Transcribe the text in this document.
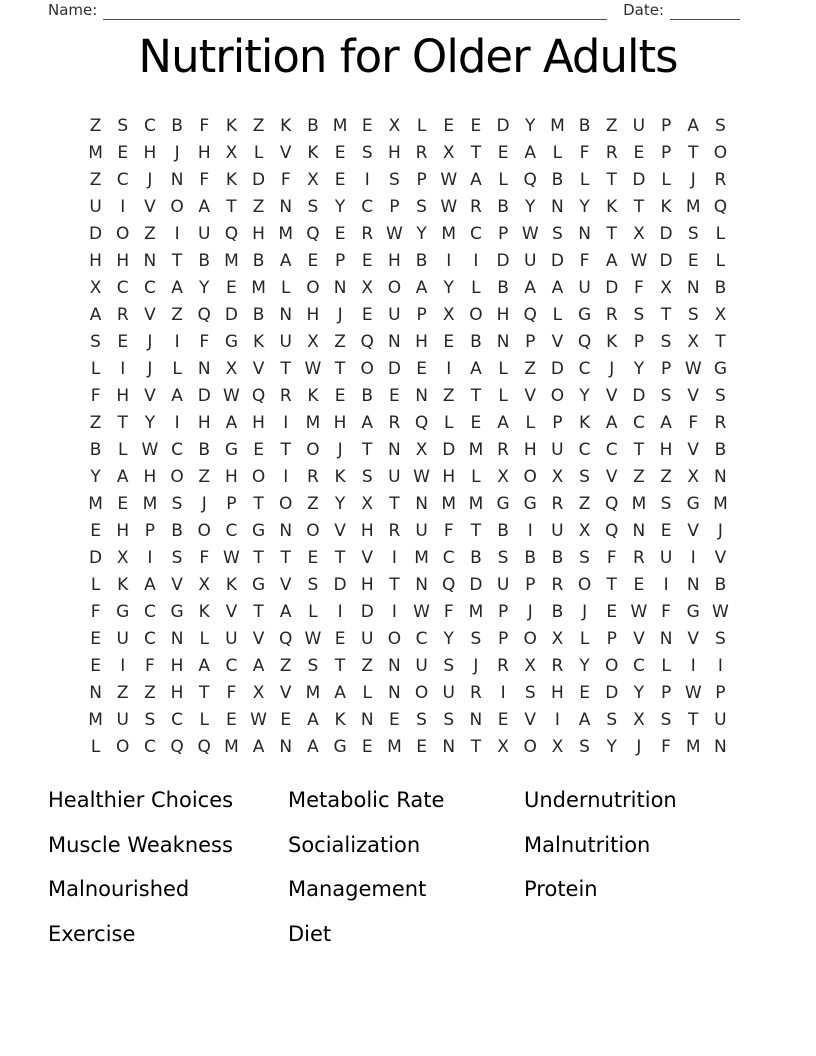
Name:	Date:
Nutrition for Older Adults
Z S C B F K Z K B M E X L	E E D Y M B Z U P A S
M E H	J	H X L V K E S H R X T E A L	F R E P T O
Z C	J	N F K D F X E	I	S P W A L Q B L	T D L	J	R
U	I	V O A T Z N S Y C P S W R B Y N Y K T K M Q
D O Z	I	U Q H M Q E R W Y M C P W S N T X D S	L
H H N T B M B A E P E H B	I	I	D U D F A W D E	L
X C C A Y E M L O N X O A Y	L B A A U D F X N B
A R V Z Q D B N H	J	E U P X O H Q L G R S T S X
S E	J	I	F G K U X Z Q N H E B N P V Q K P S X T
L	I	J	L N X V T W T O D E	I	A L Z D C	J	Y P W G
F H V A D W Q R K E B E N Z T	L V O Y V D S V S
Z T Y	I	H A H	I	M H A R Q L	E A L	P K A C A F R
B L W C B G E T O	J	T N X D M R H U C C T H V B
Y A H O Z H O	I	R K S U W H L X O X S V Z Z X N
M E M S	J	P T O Z Y X T N M M G G R Z Q M S G M
E H P B O C G N O V H R U F	T B	I	U X Q N E V	J
D X	I	S F W T T E T V	I	M C B S B B S F R U	I	V
L K A V X K G V S D H T N Q D U P R O T E	I	N B
F G C G K V T A L	I	D	I W F M P	J	B	J	E W F G W
E U C N L U V Q W E U O C Y S P O X L	P V N V S
E	I	F H A C A Z S T Z N U S	J	R X R Y O C L	I	I
N Z Z H T	F X V M A L N O U R	I	S H E D Y P W P
M U S C L	E W E A K N E S S N E V	I	A S X S T U
L O C Q Q M A N A G E M E N T X O X S Y	J	F M N
Healthier Choices
Muscle Weakness
Malnourished
Exercise
Metabolic Rate
Socialization
Management
Diet
Undernutrition
Malnutrition
Protein
